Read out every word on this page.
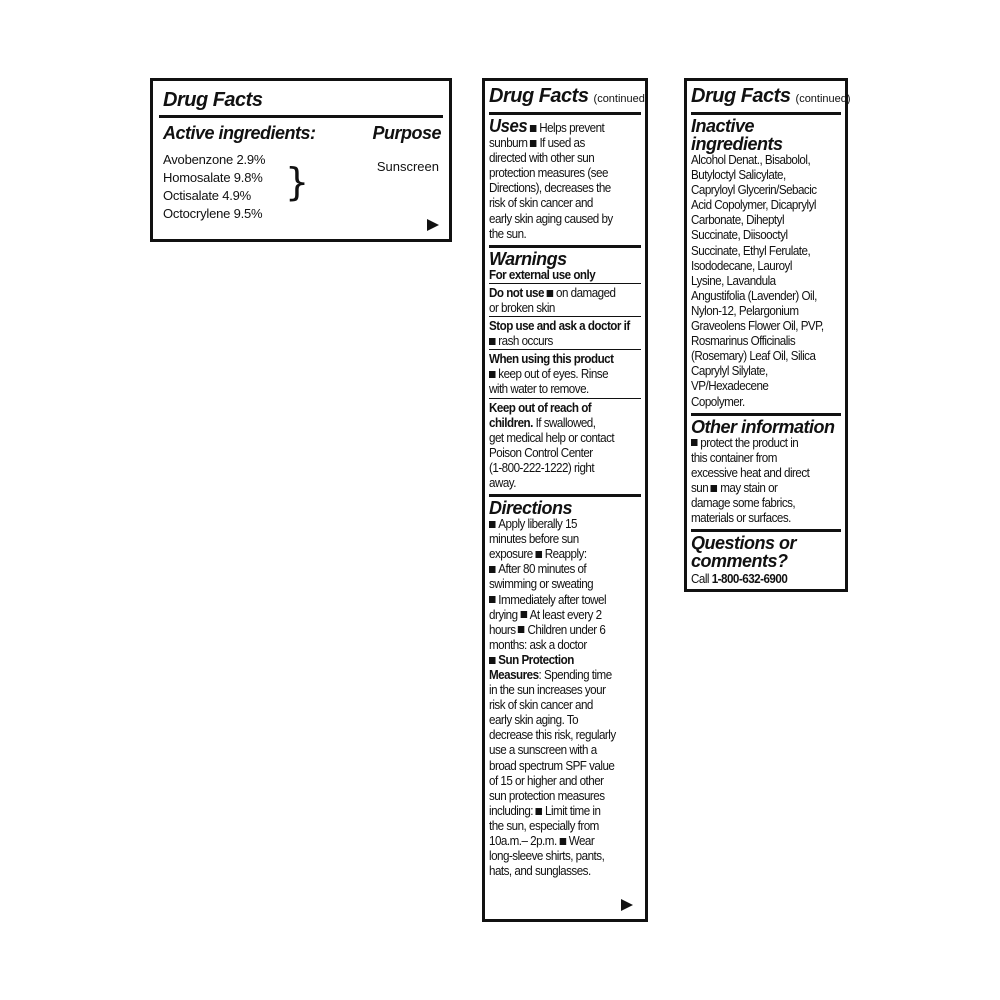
Drug Facts
Active ingredients:	Purpose
Avobenzone 2.9%
Homosalate 9.8%
Octisalate 4.9%
Octocrylene 9.5%
}	Sunscreen
Drug Facts (continued)
Uses Helps prevent
sunburn If used as
directed with other sun
protection measures (see
Directions), decreases the
risk of skin cancer and
early skin aging caused by
the sun.
Warnings
For external use only
Do not use on damaged
or broken skin
Stop use and ask a doctor if
rash occurs
When using this product
keep out of eyes. Rinse
with water to remove.
Keep out of reach of
children. If swallowed,
get medical help or contact
Poison Control Center
(1-800-222-1222) right
away.
Directions
Apply liberally 15
minutes before sun
exposure Reapply:
After 80 minutes of
swimming or sweating
Immediately after towel
drying At least every 2
hours Children under 6
months: ask a doctor
Sun Protection
Measures: Spending time
in the sun increases your
risk of skin cancer and
early skin aging. To
decrease this risk, regularly
use a sunscreen with a
broad spectrum SPF value
of 15 or higher and other
sun protection measures
including: Limit time in
the sun, especially from
10a.m.– 2p.m. Wear
long-sleeve shirts, pants,
hats, and sunglasses.
Drug Facts (continued)
Inactive ingredients
Alcohol Denat., Bisabolol,
Butyloctyl Salicylate,
Capryloyl Glycerin/Sebacic
Acid Copolymer, Dicaprylyl
Carbonate, Diheptyl
Succinate, Diisooctyl
Succinate, Ethyl Ferulate,
Isododecane, Lauroyl
Lysine, Lavandula
Angustifolia (Lavender) Oil,
Nylon-12, Pelargonium
Graveolens Flower Oil, PVP,
Rosmarinus Officinalis
(Rosemary) Leaf Oil, Silica
Caprylyl Silylate,
VP/Hexadecene
Copolymer.
Other information
protect the product in
this container from
excessive heat and direct
sun may stain or
damage some fabrics,
materials or surfaces.
Questions or
comments?
Call 1-800-632-6900
